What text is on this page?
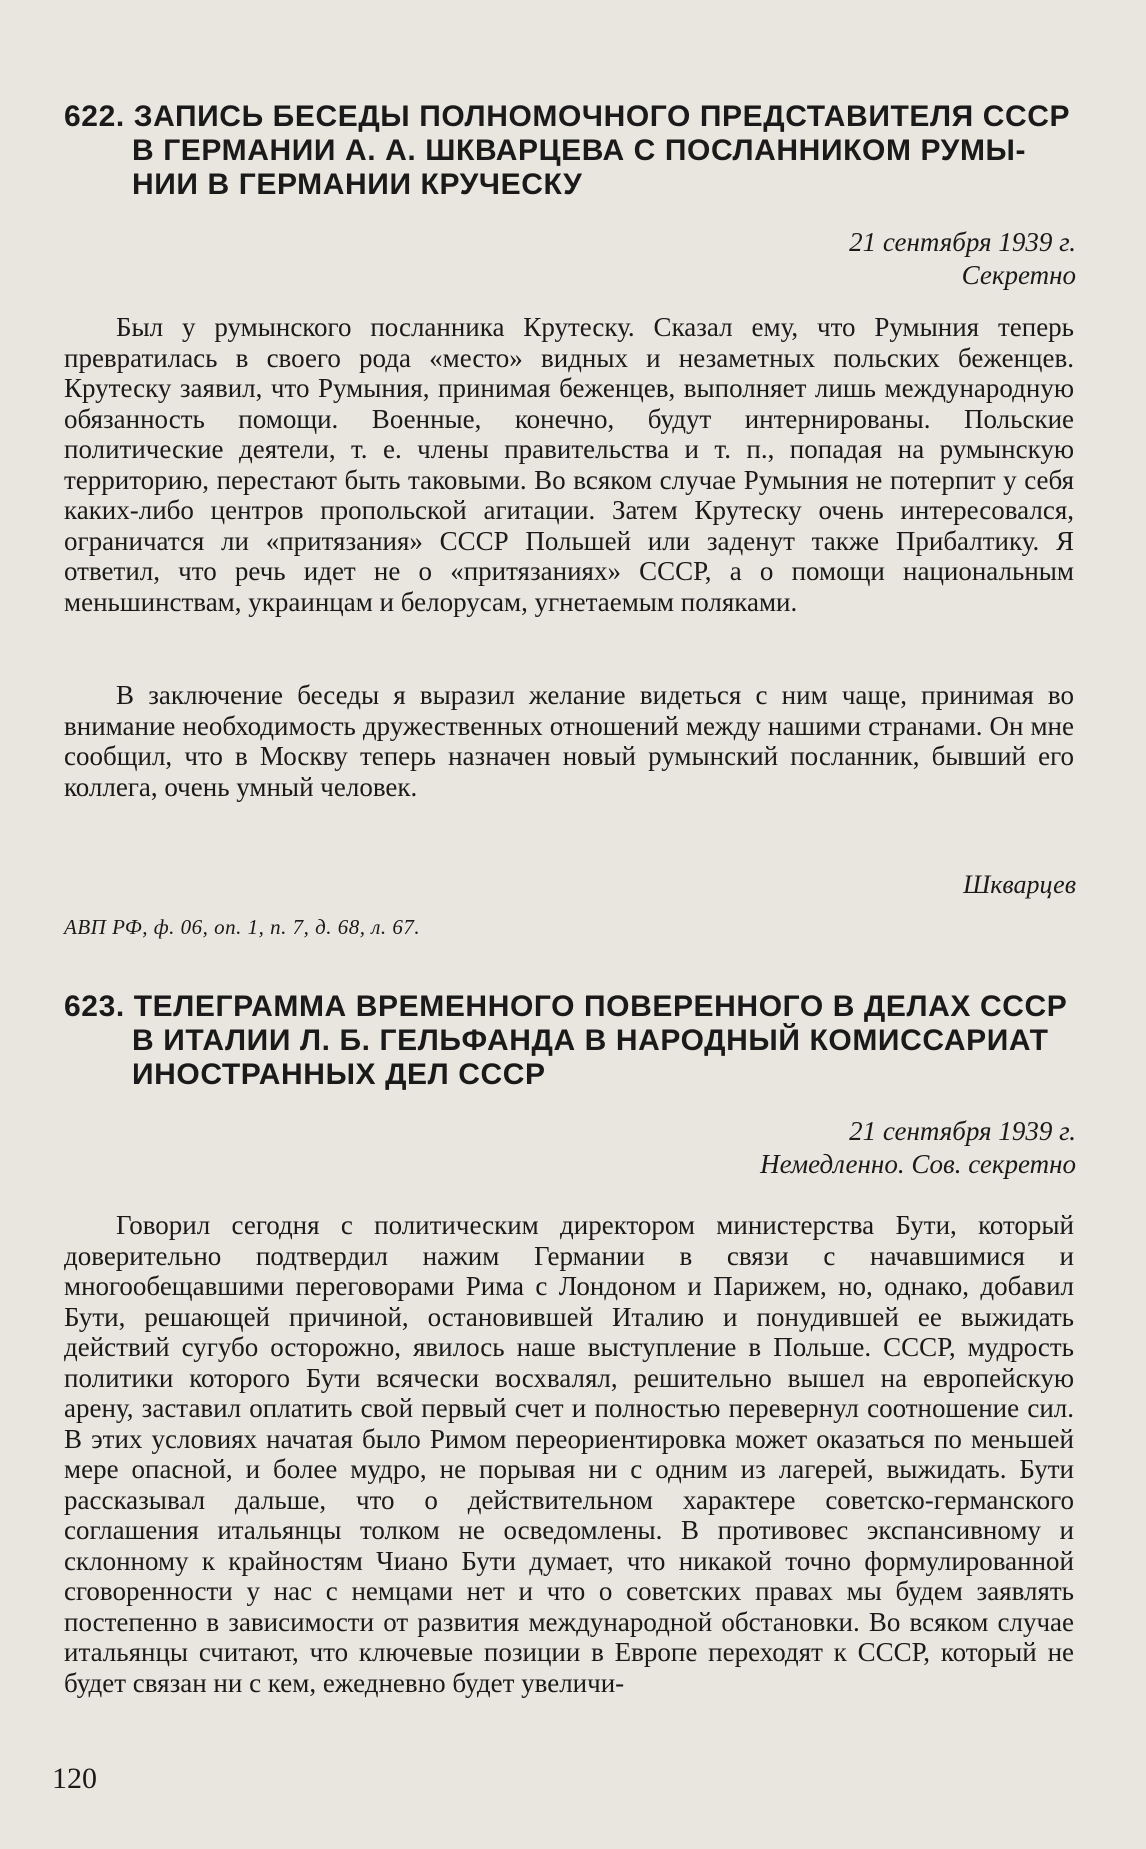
622. ЗАПИСЬ БЕСЕДЫ ПОЛНОМОЧНОГО ПРЕДСТАВИТЕЛЯ СССР
В ГЕРМАНИИ А. А. ШКВАРЦЕВА С ПОСЛАННИКОМ РУМЫ-
НИИ В ГЕРМАНИИ КРУЧЕСКУ
21 сентября 1939 г.
Секретно

Был у румынского посланника Крутеску. Сказал ему, что Румыния теперь превратилась в своего рода «место» видных и незаметных польских беженцев. Крутеску заявил, что Румыния, принимая беженцев, выполняет лишь международную обязанность помощи. Военные, конечно, будут интернированы. Польские политические деятели, т. е. члены правительства и т. п., попадая на румынскую территорию, перестают быть таковыми. Во всяком случае Румыния не потерпит у себя каких-либо центров пропольской агитации. Затем Крутеску очень интересовался, ограничатся ли «притязания» СССР Польшей или заденут также Прибалтику. Я ответил, что речь идет не о «притязаниях» СССР, а о помощи национальным меньшинствам, украинцам и белорусам, угнетаемым поляками.

В заключение беседы я выразил желание видеться с ним чаще, принимая во внимание необходимость дружественных отношений между нашими странами. Он мне сообщил, что в Москву теперь назначен новый румынский посланник, бывший его коллега, очень умный человек.

Шкварцев
АВП РФ, ф. 06, оп. 1, п. 7, д. 68, л. 67.
623. ТЕЛЕГРАММА ВРЕМЕННОГО ПОВЕРЕННОГО В ДЕЛАХ СССР
В ИТАЛИИ Л. Б. ГЕЛЬФАНДА В НАРОДНЫЙ КОМИССАРИАТ
ИНОСТРАННЫХ ДЕЛ СССР
21 сентября 1939 г.
Немедленно. Сов. секретно

Говорил сегодня с политическим директором министерства Бути, который доверительно подтвердил нажим Германии в связи с начавшимися и многообещавшими переговорами Рима с Лондоном и Парижем, но, однако, добавил Бути, решающей причиной, остановившей Италию и понудившей ее выжидать действий сугубо осторожно, явилось наше выступление в Польше. СССР, мудрость политики которого Бути всячески восхвалял, решительно вышел на европейскую арену, заставил оплатить свой первый счет и полностью перевернул соотношение сил. В этих условиях начатая было Римом переориентировка может оказаться по меньшей мере опасной, и более мудро, не порывая ни с одним из лагерей, выжидать. Бути рассказывал дальше, что о действительном характере советско-германского соглашения итальянцы толком не осведомлены. В противовес экспансивному и склонному к крайностям Чиано Бути думает, что никакой точно формулированной сговоренности у нас с немцами нет и что о советских правах мы будем заявлять постепенно в зависимости от развития международной обстановки. Во всяком случае итальянцы считают, что ключевые позиции в Европе переходят к СССР, который не будет связан ни с кем, ежедневно будет увеличи-

120
